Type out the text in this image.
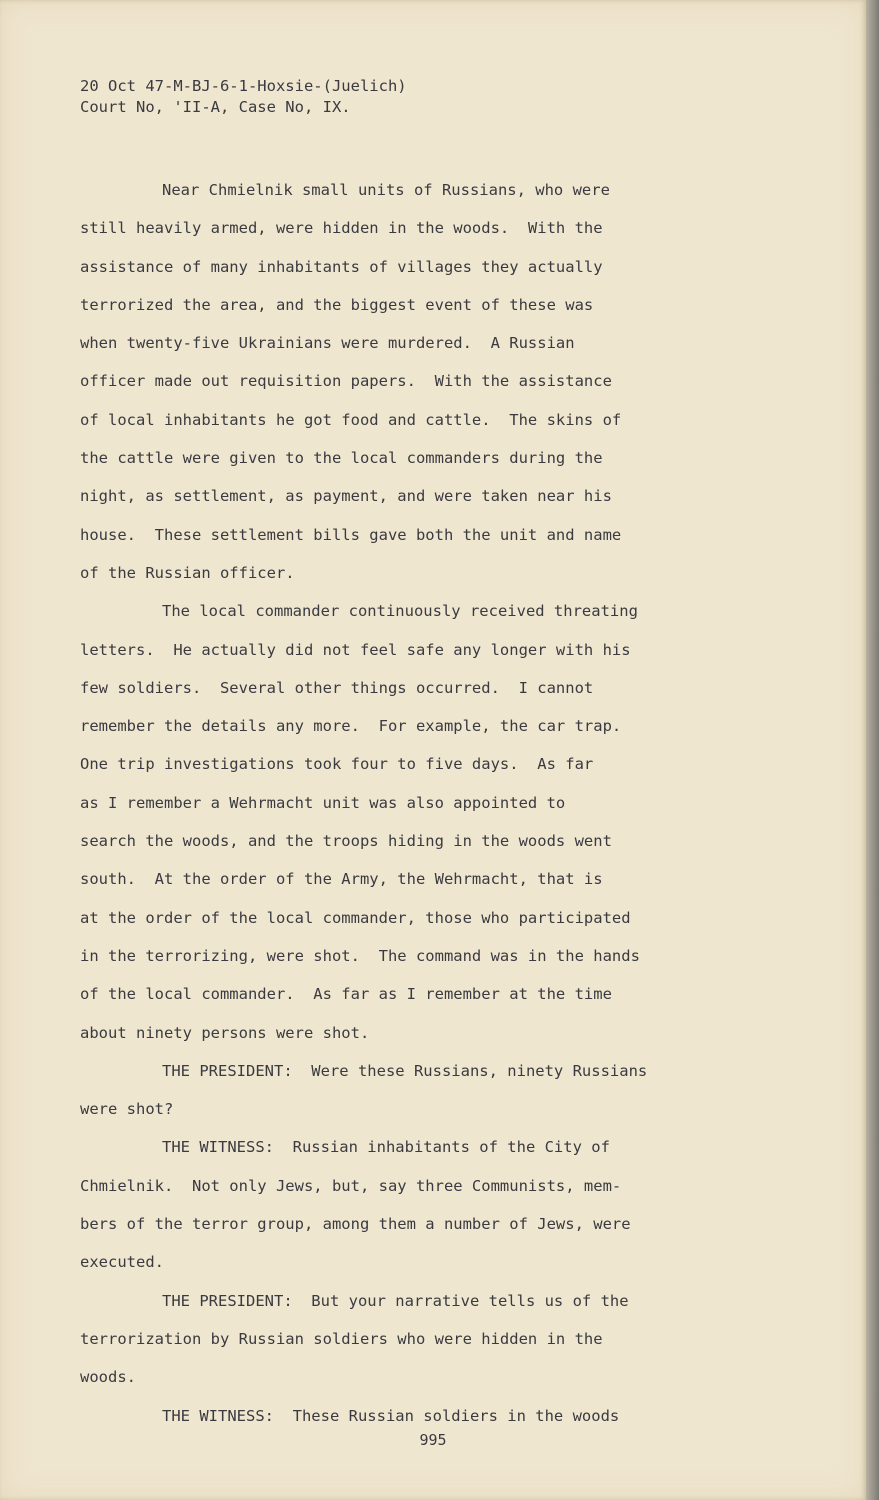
20 Oct 47-M-BJ-6-1-Hoxsie-(Juelich)
Court No, 'II-A, Case No, IX.
Near Chmielnik small units of Russians, who were
still heavily armed, were hidden in the woods.  With the
assistance of many inhabitants of villages they actually
terrorized the area, and the biggest event of these was
when twenty-five Ukrainians were murdered.  A Russian
officer made out requisition papers.  With the assistance
of local inhabitants he got food and cattle.  The skins of
the cattle were given to the local commanders during the
night, as settlement, as payment, and were taken near his
house.  These settlement bills gave both the unit and name
of the Russian officer.
The local commander continuously received threating
letters.  He actually did not feel safe any longer with his
few soldiers.  Several other things occurred.  I cannot
remember the details any more.  For example, the car trap.
One trip investigations took four to five days.  As far
as I remember a Wehrmacht unit was also appointed to
search the woods, and the troops hiding in the woods went
south.  At the order of the Army, the Wehrmacht, that is
at the order of the local commander, those who participated
in the terrorizing, were shot.  The command was in the hands
of the local commander.  As far as I remember at the time
about ninety persons were shot.
THE PRESIDENT:  Were these Russians, ninety Russians
were shot?
THE WITNESS:  Russian inhabitants of the City of
Chmielnik.  Not only Jews, but, say three Communists, mem-
bers of the terror group, among them a number of Jews, were
executed.
THE PRESIDENT:  But your narrative tells us of the
terrorization by Russian soldiers who were hidden in the
woods.
THE WITNESS:  These Russian soldiers in the woods
995
